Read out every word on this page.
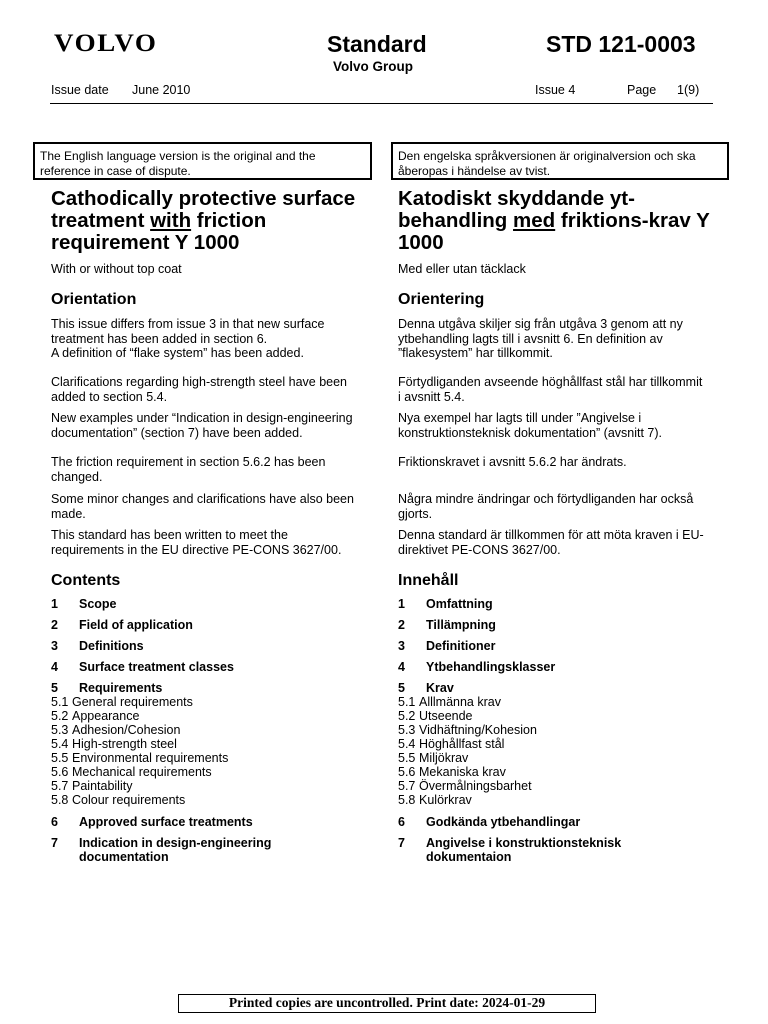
VOLVO	Standard	STD 121-0003
Volvo Group
Issue date June 2010	Issue 4	Page 1(9)
The English language version is the original and the reference in case of dispute.
Den engelska språkversionen är originalversion och ska åberopas i händelse av tvist.
Cathodically protective surface treatment with friction requirement Y 1000
With or without top coat
Orientation
This issue differs from issue 3 in that new surface treatment has been added in section 6.
A definition of “flake system” has been added.
Clarifications regarding high-strength steel have been added to section 5.4.
New examples under “Indication in design-engineering documentation” (section 7) have been added.
The friction requirement in section 5.6.2 has been changed.
Some minor changes and clarifications have also been made.
This standard has been written to meet the requirements in the EU directive PE-CONS 3627/00.
Contents
1 Scope
2 Field of application
3 Definitions
4 Surface treatment classes
5 Requirements
5.1 General requirements
5.2 Appearance
5.3 Adhesion/Cohesion
5.4 High-strength steel
5.5 Environmental requirements
5.6 Mechanical requirements
5.7 Paintability
5.8 Colour requirements
6 Approved surface treatments
7 Indication in design-engineering documentation
Katodiskt skyddande yt-behandling med friktions-krav Y 1000
Med eller utan täcklack
Orientering
Denna utgåva skiljer sig från utgåva 3 genom att ny ytbehandling lagts till i avsnitt 6. En definition av ”flakesystem” har tillkommit.
Förtydliganden avseende höghållfast stål har tillkommit i avsnitt 5.4.
Nya exempel har lagts till under ”Angivelse i konstruktionsteknisk dokumentation” (avsnitt 7).
Friktionskravet i avsnitt 5.6.2 har ändrats.
Några mindre ändringar och förtydliganden har också gjorts.
Denna standard är tillkommen för att möta kraven i EU-direktivet PE-CONS 3627/00.
Innehåll
1 Omfattning
2 Tillämpning
3 Definitioner
4 Ytbehandlingsklasser
5 Krav
5.1 Alllmänna krav
5.2 Utseende
5.3 Vidhäftning/Kohesion
5.4 Höghållfast stål
5.5 Miljökrav
5.6 Mekaniska krav
5.7 Övermålningsbarhet
5.8 Kulörkrav
6 Godkända ytbehandlingar
7 Angivelse i konstruktionsteknisk dokumentaion
Printed copies are uncontrolled. Print date: 2024-01-29
